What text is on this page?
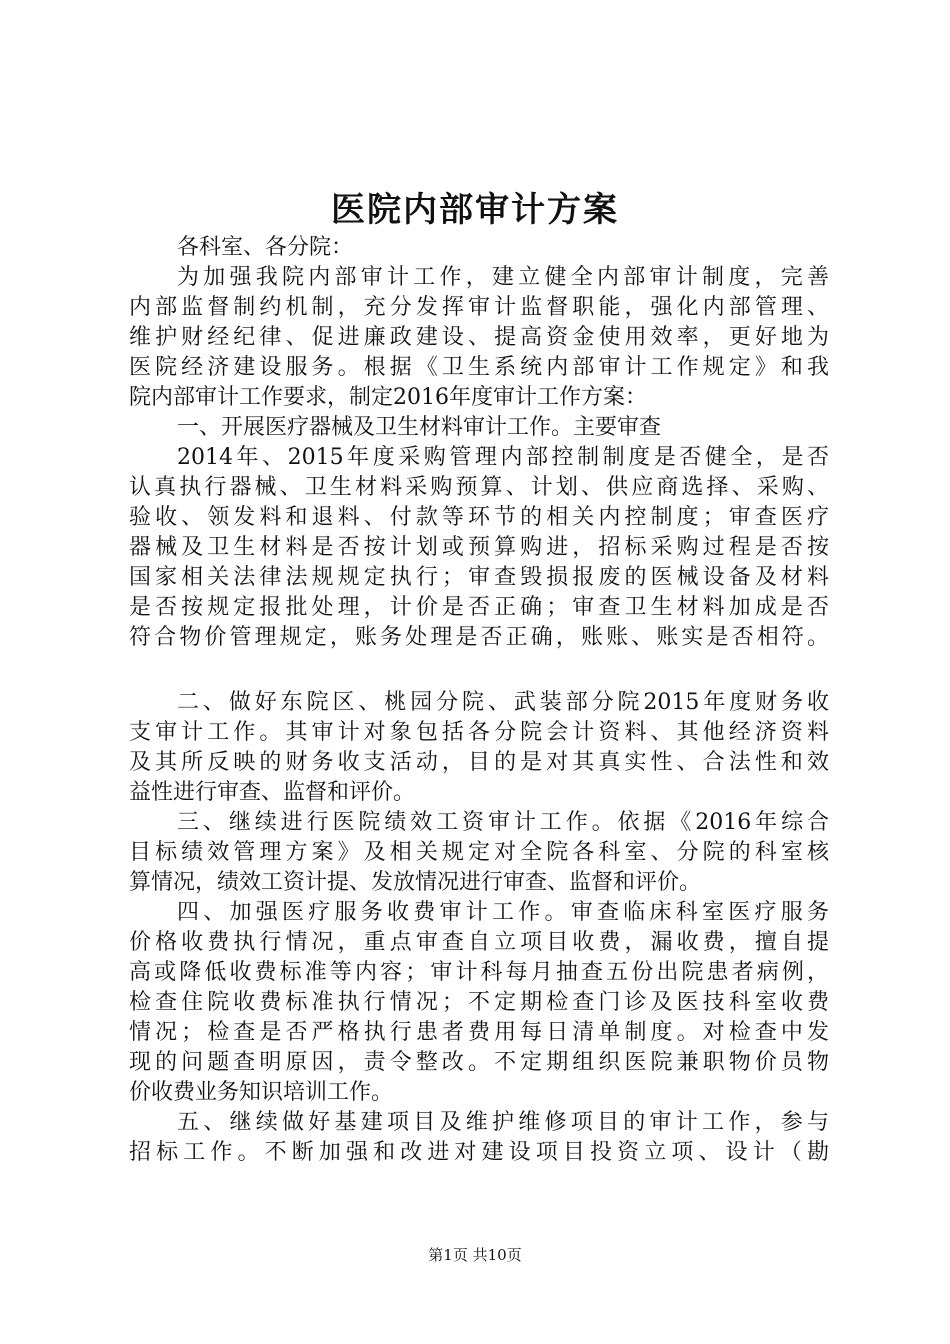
医院内部审计方案
各科室、各分院：
为加强我院内部审计工作，建立健全内部审计制度，完善
内部监督制约机制，充分发挥审计监督职能，强化内部管理、
维护财经纪律、促进廉政建设、提高资金使用效率，更好地为
医院经济建设服务。根据《卫生系统内部审计工作规定》和我
院内部审计工作要求，制定2016年度审计工作方案：
一、开展医疗器械及卫生材料审计工作。主要审查
2014年、2015年度采购管理内部控制制度是否健全，是否
认真执行器械、卫生材料采购预算、计划、供应商选择、采购、
验收、领发料和退料、付款等环节的相关内控制度；审查医疗
器械及卫生材料是否按计划或预算购进，招标采购过程是否按
国家相关法律法规规定执行；审查毁损报废的医械设备及材料
是否按规定报批处理，计价是否正确；审查卫生材料加成是否
符合物价管理规定，账务处理是否正确，账账、账实是否相符。
二、做好东院区、桃园分院、武装部分院2015年度财务收
支审计工作。其审计对象包括各分院会计资料、其他经济资料
及其所反映的财务收支活动，目的是对其真实性、合法性和效
益性进行审查、监督和评价。
三、继续进行医院绩效工资审计工作。依据《2016年综合
目标绩效管理方案》及相关规定对全院各科室、分院的科室核
算情况，绩效工资计提、发放情况进行审查、监督和评价。
四、加强医疗服务收费审计工作。审查临床科室医疗服务
价格收费执行情况，重点审查自立项目收费，漏收费，擅自提
高或降低收费标准等内容；审计科每月抽查五份出院患者病例，
检查住院收费标准执行情况；不定期检查门诊及医技科室收费
情况；检查是否严格执行患者费用每日清单制度。对检查中发
现的问题查明原因，责令整改。不定期组织医院兼职物价员物
价收费业务知识培训工作。
五、继续做好基建项目及维护维修项目的审计工作，参与
招标工作。不断加强和改进对建设项目投资立项、设计（勘
第1页 共10页
